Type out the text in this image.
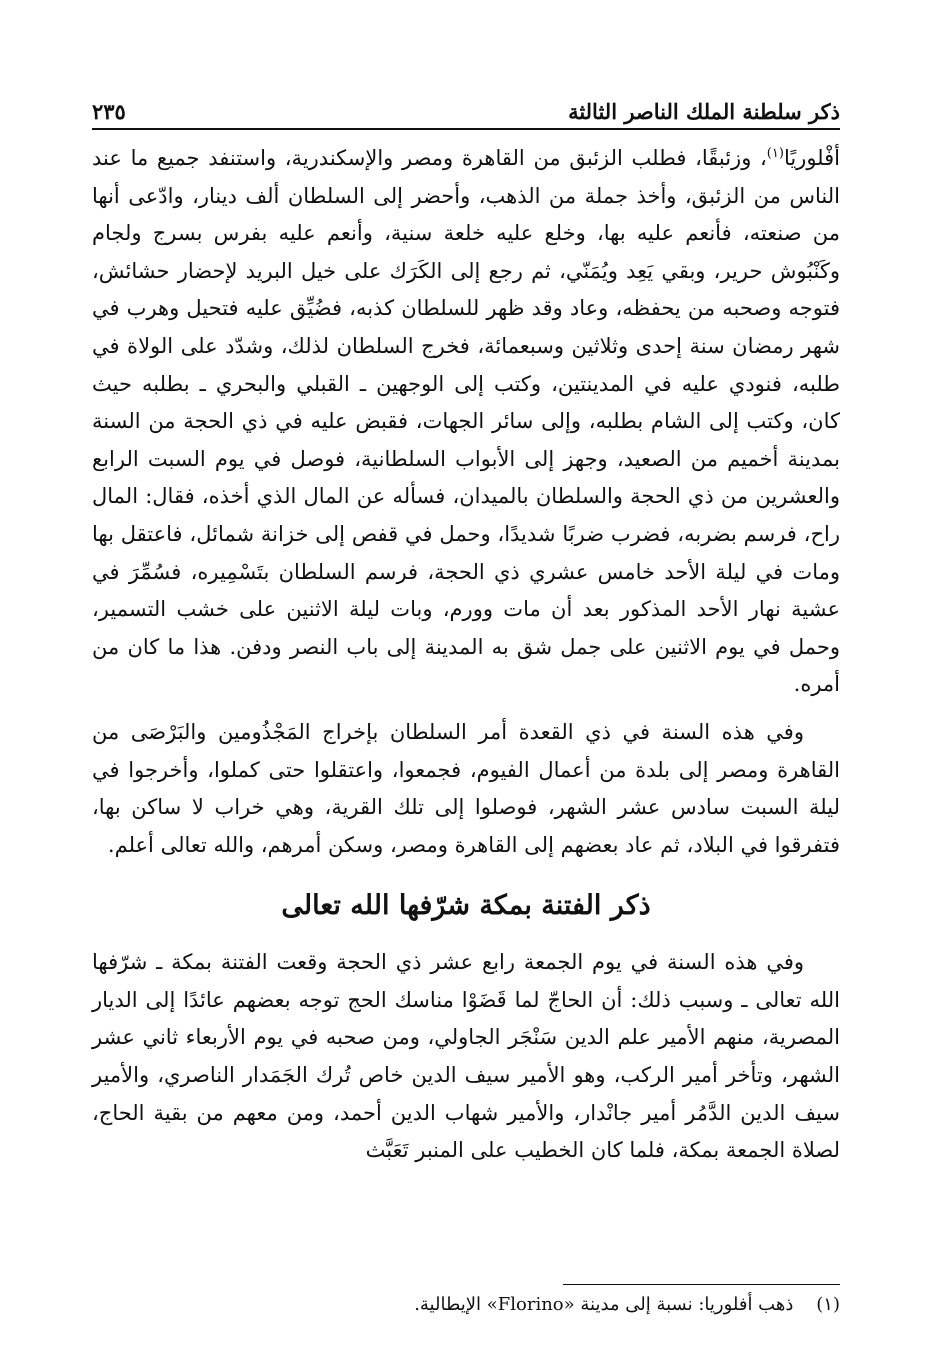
ذكر سلطنة الملك الناصر الثالثة
٢٣٥

أفْلوريًا$^{(١)}$، وزئبقًا، فطلب الزئبق من القاهرة ومصر والإسكندرية، واستنفد جميع ما عند الناس من الزئبق، وأخذ جملة من الذهب، وأحضر إلى السلطان ألف دينار، وادّعى أنها من صنعته، فأنعم عليه بها، وخلع عليه خلعة سنية، وأنعم عليه بفرس بسرج ولجام وكَنْبُوش حرير، وبقي يَعِد ويُمَنّي، ثم رجع إلى الكَرَك على خيل البريد لإحضار حشائش، فتوجه وصحبه من يحفظه، وعاد وقد ظهر للسلطان كذبه، فضُيِّق عليه فتحيل وهرب في شهر رمضان سنة إحدى وثلاثين وسبعمائة، فخرج السلطان لذلك، وشدّد على الولاة في طلبه، فنودي عليه في المدينتين، وكتب إلى الوجهين ـ القبلي والبحري ـ بطلبه حيث كان، وكتب إلى الشام بطلبه، وإلى سائر الجهات، فقبض عليه في ذي الحجة من السنة بمدينة أخميم من الصعيد، وجهز إلى الأبواب السلطانية، فوصل في يوم السبت الرابع والعشرين من ذي الحجة والسلطان بالميدان، فسأله عن المال الذي أخذه، فقال: المال راح، فرسم بضربه، فضرب ضربًا شديدًا، وحمل في قفص إلى خزانة شمائل، فاعتقل بها ومات في ليلة الأحد خامس عشري ذي الحجة، فرسم السلطان بتَسْمِيره، فسُمِّرَ في عشية نهار الأحد المذكور بعد أن مات وورم، وبات ليلة الاثنين على خشب التسمير، وحمل في يوم الاثنين على جمل شق به المدينة إلى باب النصر ودفن. هذا ما كان من أمره.

وفي هذه السنة في ذي القعدة أمر السلطان بإخراج المَجْذُومين والبَرْصَى من القاهرة ومصر إلى بلدة من أعمال الفيوم، فجمعوا، واعتقلوا حتى كملوا، وأخرجوا في ليلة السبت سادس عشر الشهر، فوصلوا إلى تلك القرية، وهي خراب لا ساكن بها، فتفرقوا في البلاد، ثم عاد بعضهم إلى القاهرة ومصر، وسكن أمرهم، والله تعالى أعلم.

ذكر الفتنة بمكة شرّفها الله تعالى

وفي هذه السنة في يوم الجمعة رابع عشر ذي الحجة وقعت الفتنة بمكة ـ شرّفها الله تعالى ـ وسبب ذلك: أن الحاجّ لما قَضَوْا مناسك الحج توجه بعضهم عائدًا إلى الديار المصرية، منهم الأمير علم الدين سَنْجَر الجاولي، ومن صحبه في يوم الأربعاء ثاني عشر الشهر، وتأخر أمير الركب، وهو الأمير سيف الدين خاص تُرك الجَمَدار الناصري، والأمير سيف الدين الدَّمُر أمير جانْدار، والأمير شهاب الدين أحمد، ومن معهم من بقية الحاج، لصلاة الجمعة بمكة، فلما كان الخطيب على المنبر تَعَبَّث

(١)    ذهب أفلوريا: نسبة إلى مدينة «Florino» الإيطالية.
